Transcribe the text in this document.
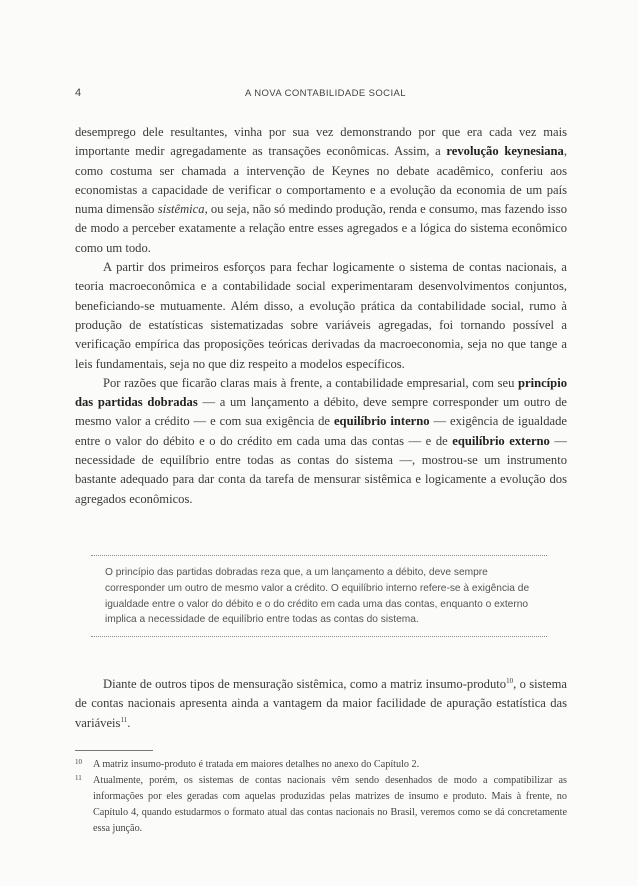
4	A NOVA CONTABILIDADE SOCIAL

desemprego dele resultantes, vinha por sua vez demonstrando por que era cada vez mais importante medir agregadamente as transações econômicas. Assim, a revolução keynesiana, como costuma ser chamada a intervenção de Keynes no debate acadêmico, conferiu aos economistas a capacidade de verificar o comportamento e a evolução da economia de um país numa dimensão sistêmica, ou seja, não só medindo produção, renda e consumo, mas fazendo isso de modo a perceber exatamente a relação entre esses agregados e a lógica do sistema econômico como um todo.

A partir dos primeiros esforços para fechar logicamente o sistema de contas nacionais, a teoria macroeconômica e a contabilidade social experimentaram desenvolvimentos conjuntos, beneficiando-se mutuamente. Além disso, a evolução prática da contabilidade social, rumo à produção de estatísticas sistematizadas sobre variáveis agregadas, foi tornando possível a verificação empírica das proposições teóricas derivadas da macroeconomia, seja no que tange a leis fundamentais, seja no que diz respeito a modelos específicos.

Por razões que ficarão claras mais à frente, a contabilidade empresarial, com seu princípio das partidas dobradas — a um lançamento a débito, deve sempre corresponder um outro de mesmo valor a crédito — e com sua exigência de equilíbrio interno — exigência de igualdade entre o valor do débito e o do crédito em cada uma das contas — e de equilíbrio externo — necessidade de equilíbrio entre todas as contas do sistema —, mostrou-se um instrumento bastante adequado para dar conta da tarefa de mensurar sistêmica e logicamente a evolução dos agregados econômicos.

O princípio das partidas dobradas reza que, a um lançamento a débito, deve sempre corresponder um outro de mesmo valor a crédito. O equilíbrio interno refere-se à exigência de igualdade entre o valor do débito e o do crédito em cada uma das contas, enquanto o externo implica a necessidade de equilíbrio entre todas as contas do sistema.

Diante de outros tipos de mensuração sistêmica, como a matriz insumo-produto$^{10}$, o sistema de contas nacionais apresenta ainda a vantagem da maior facilidade de apuração estatística das variáveis$^{11}$.

10 A matriz insumo-produto é tratada em maiores detalhes no anexo do Capítulo 2.

11 Atualmente, porém, os sistemas de contas nacionais vêm sendo desenhados de modo a compatibilizar as informações por eles geradas com aquelas produzidas pelas matrizes de insumo e produto. Mais à frente, no Capítulo 4, quando estudarmos o formato atual das contas nacionais no Brasil, veremos como se dá concretamente essa junção.
